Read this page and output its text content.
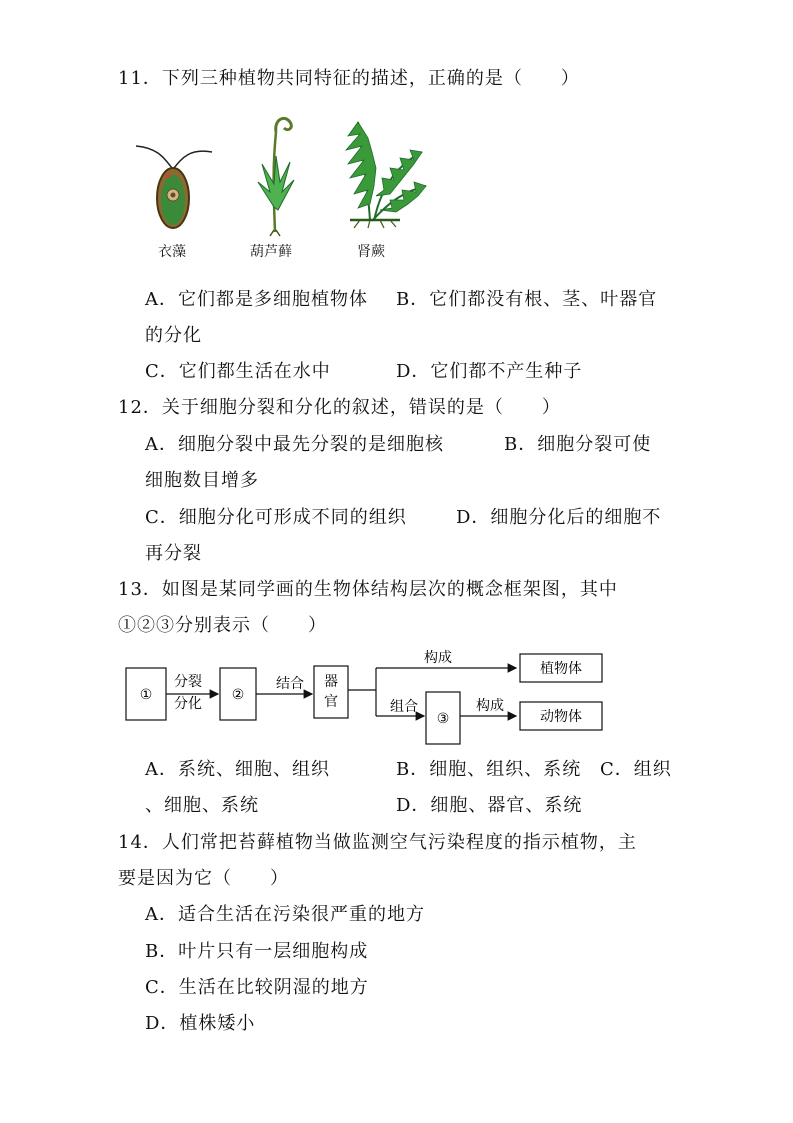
11．下列三种植物共同特征的描述，正确的是（　　）
衣藻	葫芦藓	肾蕨
A．它们都是多细胞植物体 B．它们都没有根、茎、叶器官
的分化
C．它们都生活在水中	D．它们都不产生种子
12．关于细胞分裂和分化的叙述，错误的是（　　）
A．细胞分裂中最先分裂的是细胞核	B．细胞分裂可使
细胞数目增多
C．细胞分化可形成不同的组织	D．细胞分化后的细胞不
再分裂
13．如图是某同学画的生物体结构层次的概念框架图，其中
①②③分别表示（　　）
①
分裂
分化
②
结合 器
官
构成
植物体
组合
③
构成
动物体
A．系统、细胞、组织	B．细胞、组织、系统 C．组织
、细胞、系统	D．细胞、器官、系统
14．人们常把苔藓植物当做监测空气污染程度的指示植物，主
要是因为它（　　）
A．适合生活在污染很严重的地方
B．叶片只有一层细胞构成
C．生活在比较阴湿的地方
D．植株矮小
